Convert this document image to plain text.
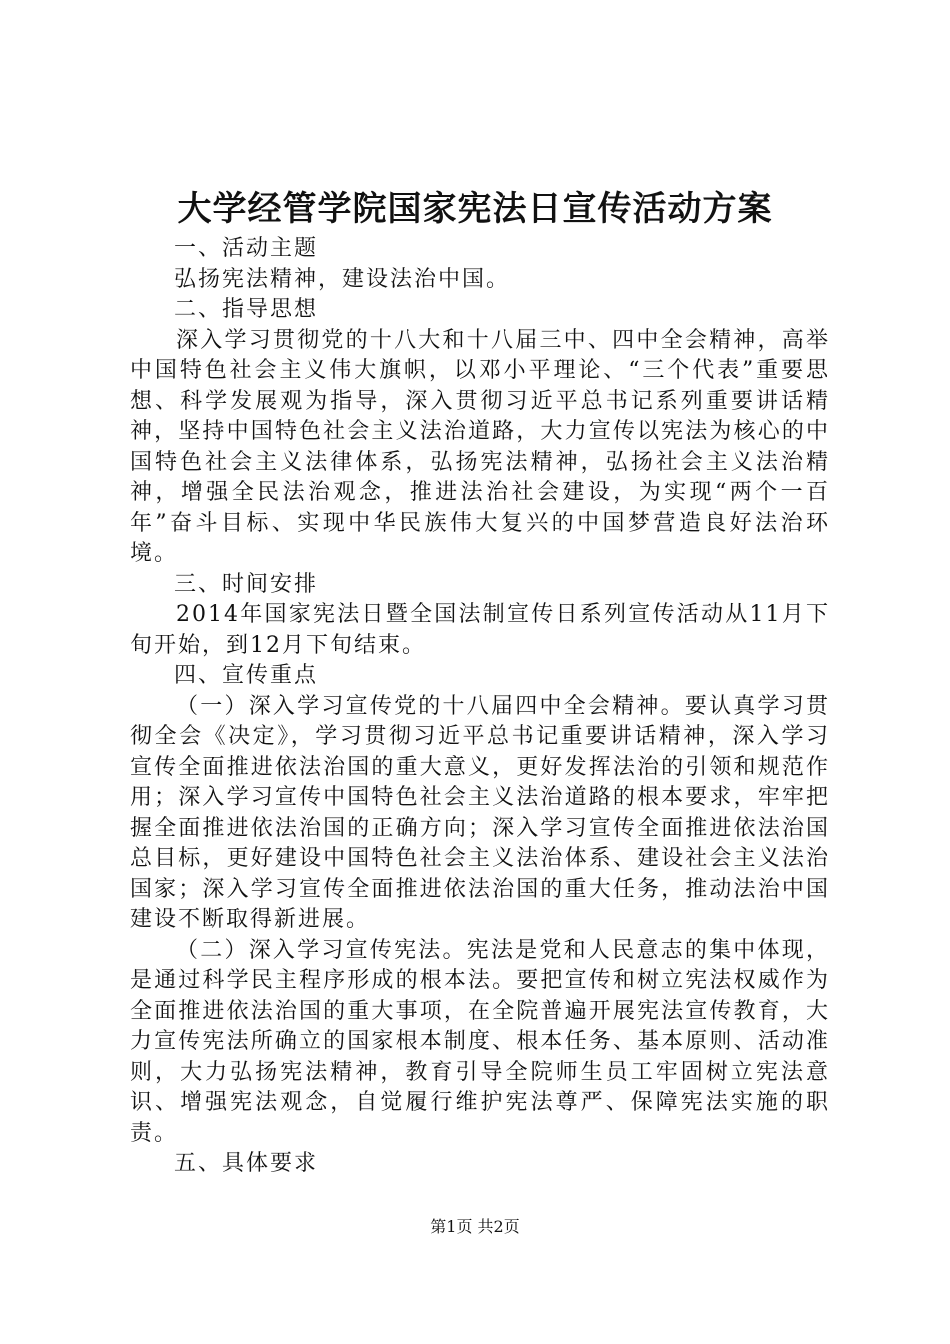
大学经管学院国家宪法日宣传活动方案

一、活动主题

弘扬宪法精神，建设法治中国。

二、指导思想

深入学习贯彻党的十八大和十八届三中、四中全会精神，高举中国特色社会主义伟大旗帜，以邓小平理论、“三个代表”重要思想、科学发展观为指导，深入贯彻习近平总书记系列重要讲话精神，坚持中国特色社会主义法治道路，大力宣传以宪法为核心的中国特色社会主义法律体系，弘扬宪法精神，弘扬社会主义法治精神，增强全民法治观念，推进法治社会建设，为实现“两个一百年”奋斗目标、实现中华民族伟大复兴的中国梦营造良好法治环境。

三、时间安排

2014年国家宪法日暨全国法制宣传日系列宣传活动从11月下旬开始，到12月下旬结束。

四、宣传重点

（一）深入学习宣传党的十八届四中全会精神。要认真学习贯彻全会《决定》，学习贯彻习近平总书记重要讲话精神，深入学习宣传全面推进依法治国的重大意义，更好发挥法治的引领和规范作用；深入学习宣传中国特色社会主义法治道路的根本要求，牢牢把握全面推进依法治国的正确方向；深入学习宣传全面推进依法治国总目标，更好建设中国特色社会主义法治体系、建设社会主义法治国家；深入学习宣传全面推进依法治国的重大任务，推动法治中国建设不断取得新进展。

（二）深入学习宣传宪法。宪法是党和人民意志的集中体现，是通过科学民主程序形成的根本法。要把宣传和树立宪法权威作为全面推进依法治国的重大事项，在全院普遍开展宪法宣传教育，大力宣传宪法所确立的国家根本制度、根本任务、基本原则、活动准则，大力弘扬宪法精神，教育引导全院师生员工牢固树立宪法意识、增强宪法观念，自觉履行维护宪法尊严、保障宪法实施的职责。

五、具体要求

第1页 共2页
